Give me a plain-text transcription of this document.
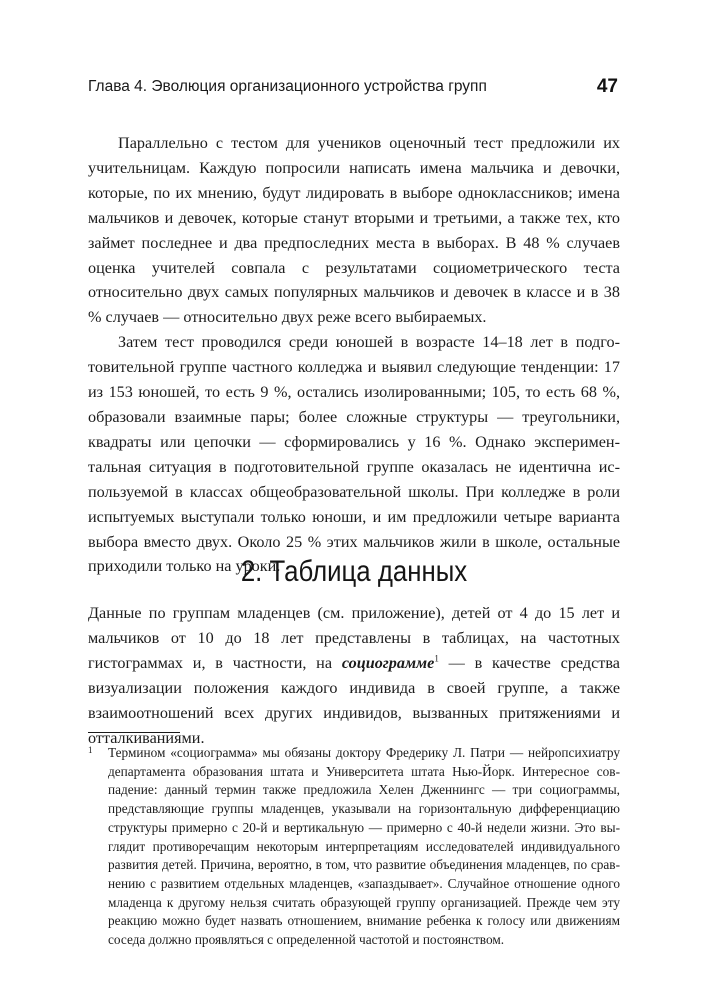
Глава 4. Эволюция организационного устройства групп	47

Параллельно с тестом для учеников оценочный тест предложили их учительницам. Каждую попросили написать имена мальчика и девочки, которые, по их мнению, будут лидировать в выборе одноклассников; имена мальчиков и девочек, которые станут вторыми и третьими, а также тех, кто займет последнее и два предпоследних места в выборах. В 48 % случаев оценка учителей совпала с результатами социометрического теста относительно двух самых популярных мальчиков и девочек в классе и в 38 % случаев — относительно двух реже всего выбираемых.

Затем тест проводился среди юношей в возрасте 14–18 лет в подготовительной группе частного колледжа и выявил следующие тенденции: 17 из 153 юношей, то есть 9 %, остались изолированными; 105, то есть 68 %, образовали взаимные пары; более сложные структуры — треугольники, квадраты или цепочки — сформировались у 16 %. Однако экспериментальная ситуация в подготовительной группе оказалась не идентична используемой в классах общеобразовательной школы. При колледже в роли испытуемых выступали только юноши, и им предложили четыре варианта выбора вместо двух. Около 25 % этих мальчиков жили в школе, остальные приходили только на уроки.

2. Таблица данных

Данные по группам младенцев (см. приложение), детей от 4 до 15 лет и мальчиков от 10 до 18 лет представлены в таблицах, на частотных гистограммах и, в частности, на социограмме$^1$ — в качестве средства визуализации положения каждого индивида в своей группе, а также взаимоотношений всех других индивидов, вызванных притяжениями и отталкиваниями.

1 Термином «социограмма» мы обязаны доктору Фредерику Л. Патри — нейропсихиатру департамента образования штата и Университета штата Нью-Йорк. Интересное совпадение: данный термин также предложила Хелен Дженнингс — три социограммы, представляющие группы младенцев, указывали на горизонтальную дифференциацию структуры примерно с 20-й и вертикальную — примерно с 40-й недели жизни. Это выглядит противоречащим некоторым интерпретациям исследователей индивидуального развития детей. Причина, вероятно, в том, что развитие объединения младенцев, по сравнению с развитием отдельных младенцев, «запаздывает». Случайное отношение одного младенца к другому нельзя считать образующей группу организацией. Прежде чем эту реакцию можно будет назвать отношением, внимание ребенка к голосу или движениям соседа должно проявляться с определенной частотой и постоянством.
